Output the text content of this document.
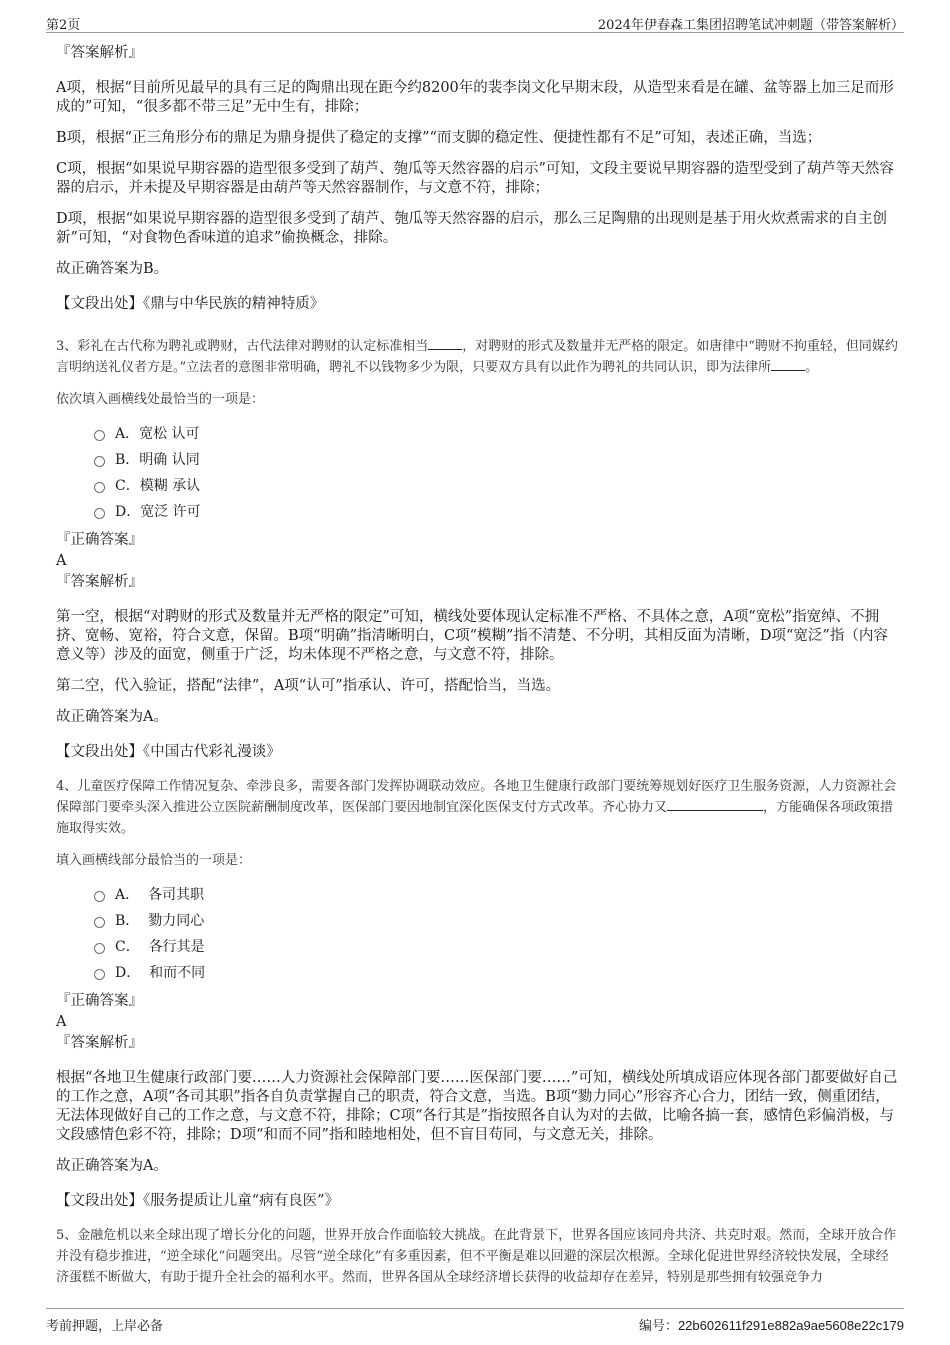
第2页	2024年伊春森工集团招聘笔试冲刺题（带答案解析）

『答案解析』

A项，根据“目前所见最早的具有三足的陶鼎出现在距今约8200年的裴李岗文化早期末段，从造型来看是在罐、盆等器上加三足而形成的”可知，“很多都不带三足”无中生有，排除；

B项，根据“正三角形分布的鼎足为鼎身提供了稳定的支撑”“而支脚的稳定性、便捷性都有不足”可知，表述正确，当选；

C项，根据“如果说早期容器的造型很多受到了葫芦、匏瓜等天然容器的启示”可知，文段主要说早期容器的造型受到了葫芦等天然容器的启示，并未提及早期容器是由葫芦等天然容器制作，与文意不符，排除；

D项，根据“如果说早期容器的造型很多受到了葫芦、匏瓜等天然容器的启示，那么三足陶鼎的出现则是基于用火炊煮需求的自主创新”可知，“对食物色香味道的追求”偷换概念，排除。

故正确答案为B。

【文段出处】《鼎与中华民族的精神特质》

3、彩礼在古代称为聘礼或聘财，古代法律对聘财的认定标准相当	，对聘财的形式及数量并无严格的限定。如唐律中“聘财不拘重轻，但同媒约言明纳送礼仪者方是。”立法者的意图非常明确，聘礼不以钱物多少为限，只要双方具有以此作为聘礼的共同认识，即为法律所	。

依次填入画横线处最恰当的一项是：

A．宽松 认可
B．明确 认同
C．模糊 承认
D．宽泛 许可

『正确答案』

A

『答案解析』

第一空，根据“对聘财的形式及数量并无严格的限定”可知，横线处要体现认定标准不严格、不具体之意，A项“宽松”指宽绰、不拥挤、宽畅、宽裕，符合文意，保留。B项“明确”指清晰明白，C项“模糊”指不清楚、不分明，其相反面为清晰，D项“宽泛”指（内容意义等）涉及的面宽，侧重于广泛，均未体现不严格之意，与文意不符，排除。

第二空，代入验证，搭配“法律”，A项“认可”指承认、许可，搭配恰当，当选。

故正确答案为A。

【文段出处】《中国古代彩礼漫谈》

4、儿童医疗保障工作情况复杂、牵涉良多，需要各部门发挥协调联动效应。各地卫生健康行政部门要统筹规划好医疗卫生服务资源，人力资源社会保障部门要牵头深入推进公立医院薪酬制度改革，医保部门要因地制宜深化医保支付方式改革。齐心协力又	，方能确保各项政策措施取得实效。

填入画横线部分最恰当的一项是：

A．  各司其职
B．  勠力同心
C．  各行其是
D．  和而不同

『正确答案』

A

『答案解析』

根据“各地卫生健康行政部门要……人力资源社会保障部门要……医保部门要……”可知，横线处所填成语应体现各部门都要做好自己的工作之意，A项“各司其职”指各自负责掌握自己的职责，符合文意，当选。B项“勠力同心”形容齐心合力，团结一致，侧重团结，无法体现做好自己的工作之意，与文意不符，排除；C项“各行其是”指按照各自认为对的去做，比喻各搞一套，感情色彩偏消极，与文段感情色彩不符，排除；D项“和而不同”指和睦地相处，但不盲目苟同，与文意无关，排除。

故正确答案为A。

【文段出处】《服务提质让儿童“病有良医”》

5、金融危机以来全球出现了增长分化的问题，世界开放合作面临较大挑战。在此背景下，世界各国应该同舟共济、共克时艰。然而，全球开放合作并没有稳步推进，“逆全球化”问题突出。尽管“逆全球化”有多重因素，但不平衡是难以回避的深层次根源。全球化促进世界经济较快发展，全球经济蛋糕不断做大，有助于提升全社会的福利水平。然而，世界各国从全球经济增长获得的收益却存在差异，特别是那些拥有较强竞争力

考前押题，上岸必备	编号：22b602611f291e882a9ae5608e22c179
